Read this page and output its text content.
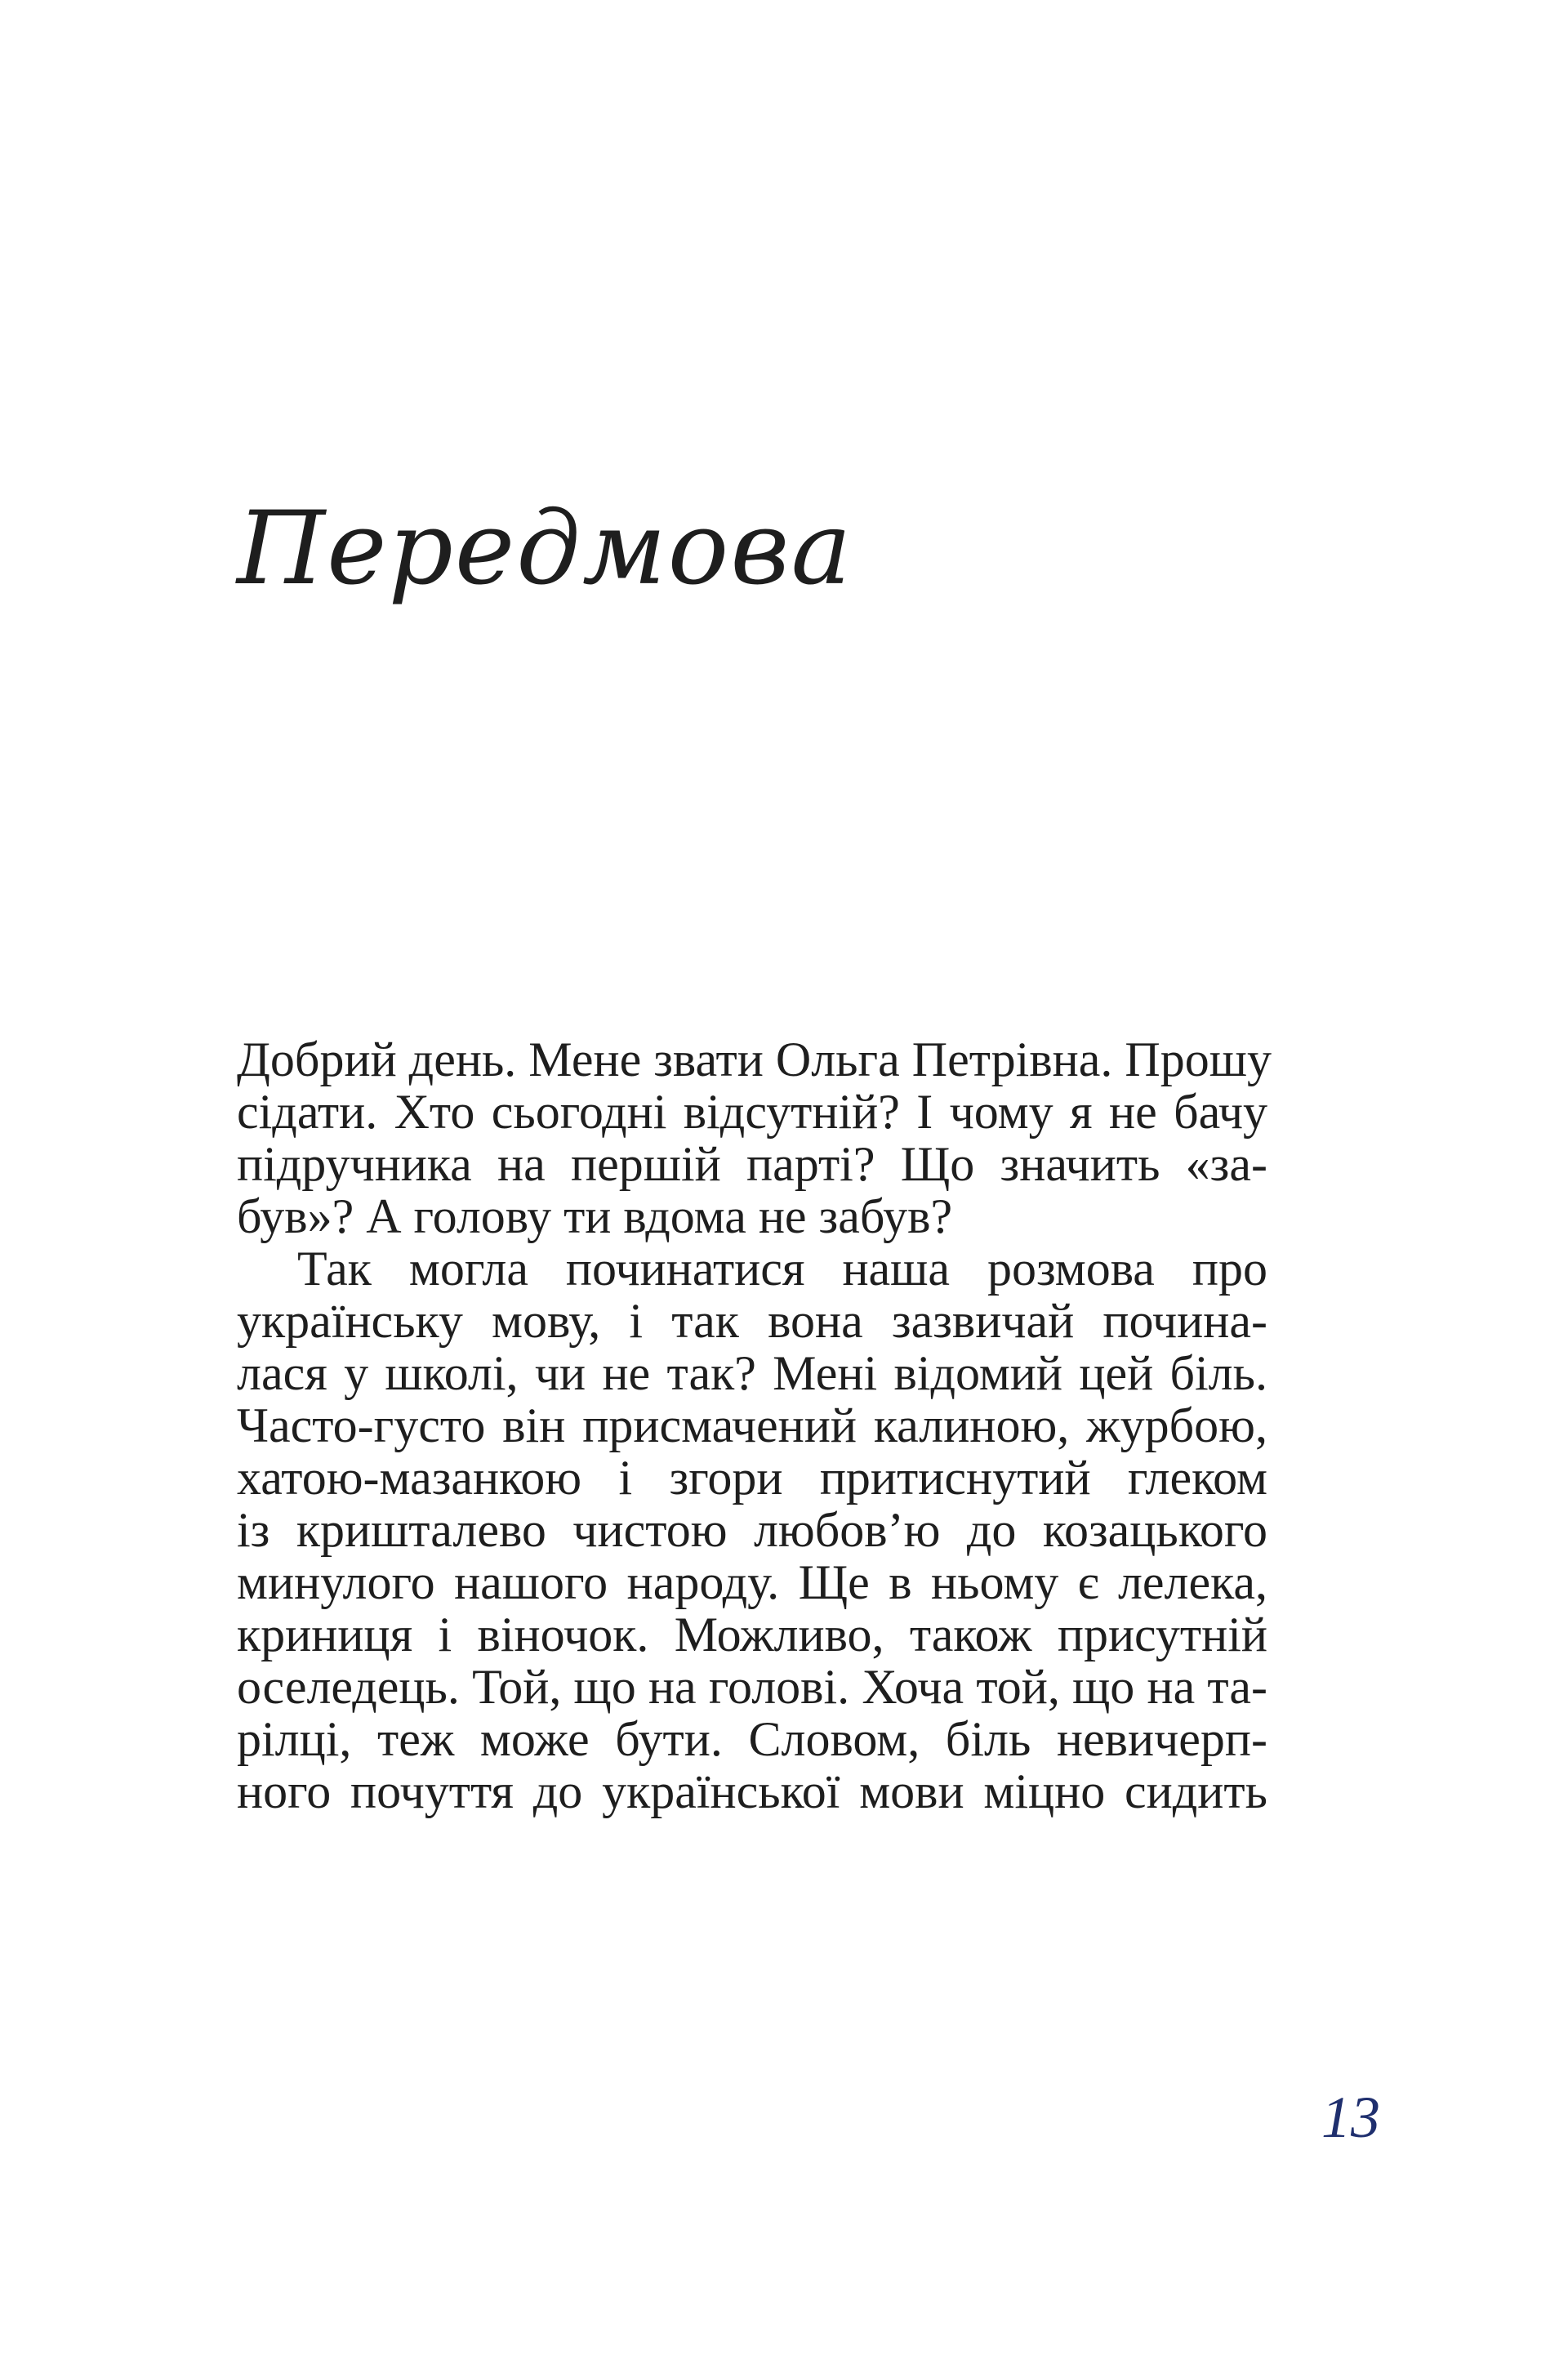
Передмова
Добрий день. Мене звати Ольга Петрівна. Прошу
сідати. Хто сьогодні відсутній? І чому я не бачу
підручника на першій парті? Що значить «за-
був»? А голову ти вдома не забув?
Так могла починатися наша розмова про
українську мову, і так вона зазвичай почина-
лася у школі, чи не так? Мені відомий цей біль.
Часто-густо він присмачений калиною, журбою,
хатою-мазанкою і згори притиснутий глеком
із кришталево чистою любов’ю до козацького
минулого нашого народу. Ще в ньому є лелека,
криниця і віночок. Можливо, також присутній
оселедець. Той, що на голові. Хоча той, що на та-
рілці, теж може бути. Словом, біль невичерп-
ного почуття до української мови міцно сидить
13
